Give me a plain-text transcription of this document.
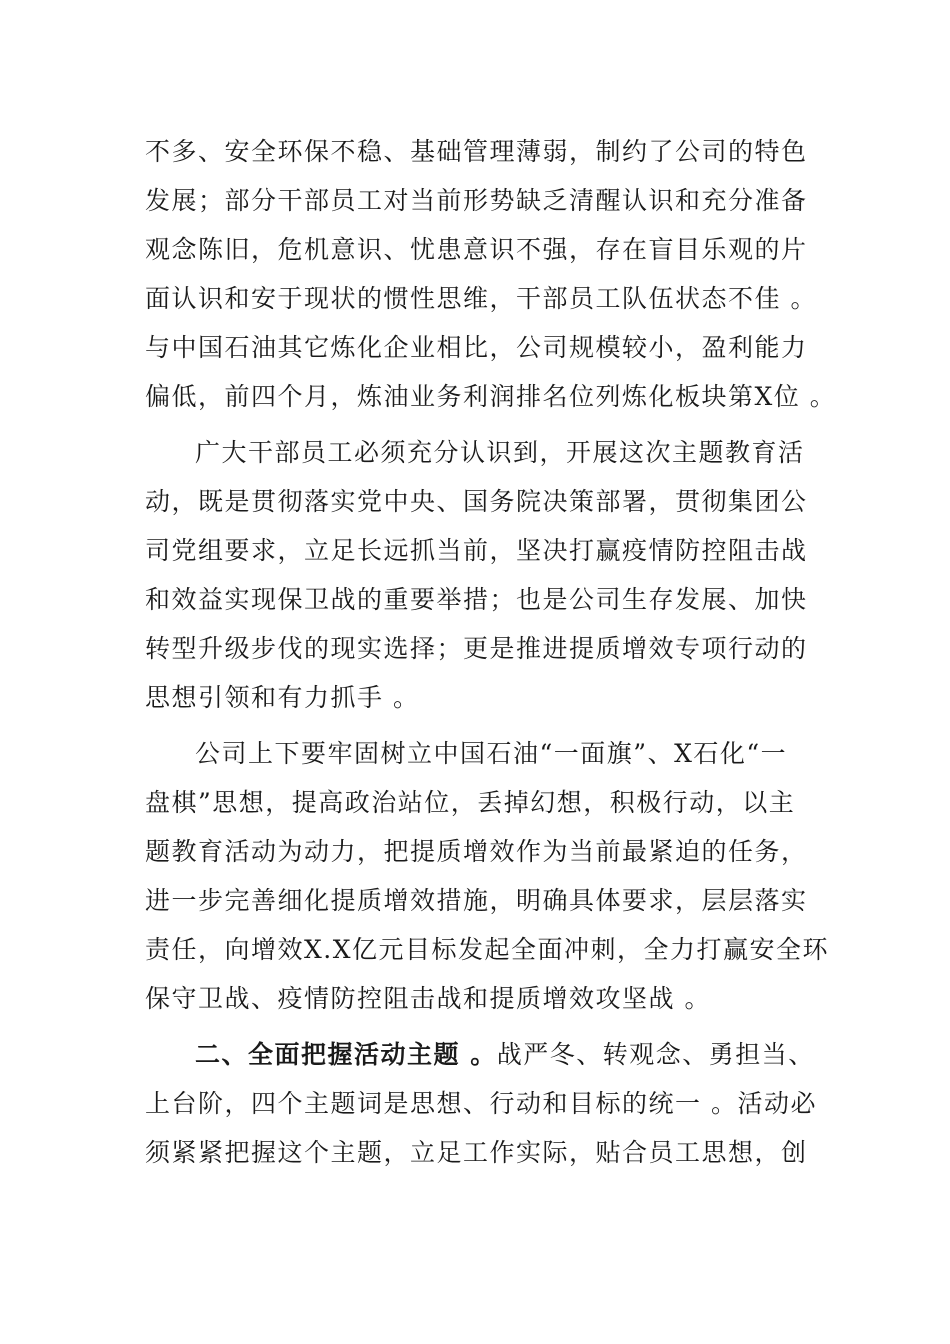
不多、安全环保不稳、基础管理薄弱，制约了公司的特色
发展；部分干部员工对当前形势缺乏清醒认识和充分准备
观念陈旧，危机意识、忧患意识不强，存在盲目乐观的片
面认识和安于现状的惯性思维，干部员工队伍状态不佳 。
与中国石油其它炼化企业相比，公司规模较小，盈利能力
偏低，前四个月，炼油业务利润排名位列炼化板块第X位 。
广大干部员工必须充分认识到，开展这次主题教育活
动，既是贯彻落实党中央、国务院决策部署，贯彻集团公
司党组要求，立足长远抓当前，坚决打赢疫情防控阻击战
和效益实现保卫战的重要举措；也是公司生存发展、加快
转型升级步伐的现实选择；更是推进提质增效专项行动的
思想引领和有力抓手 。
公司上下要牢固树立中国石油“一面旗”、X石化“一
盘棋”思想，提高政治站位，丢掉幻想，积极行动，以主
题教育活动为动力，把提质增效作为当前最紧迫的任务，
进一步完善细化提质增效措施，明确具体要求，层层落实
责任，向增效X.X亿元目标发起全面冲刺，全力打赢安全环
保守卫战、疫情防控阻击战和提质增效攻坚战 。
二、全面把握活动主题 。战严冬、转观念、勇担当、
上台阶，四个主题词是思想、行动和目标的统一 。活动必
须紧紧把握这个主题，立足工作实际，贴合员工思想，创
